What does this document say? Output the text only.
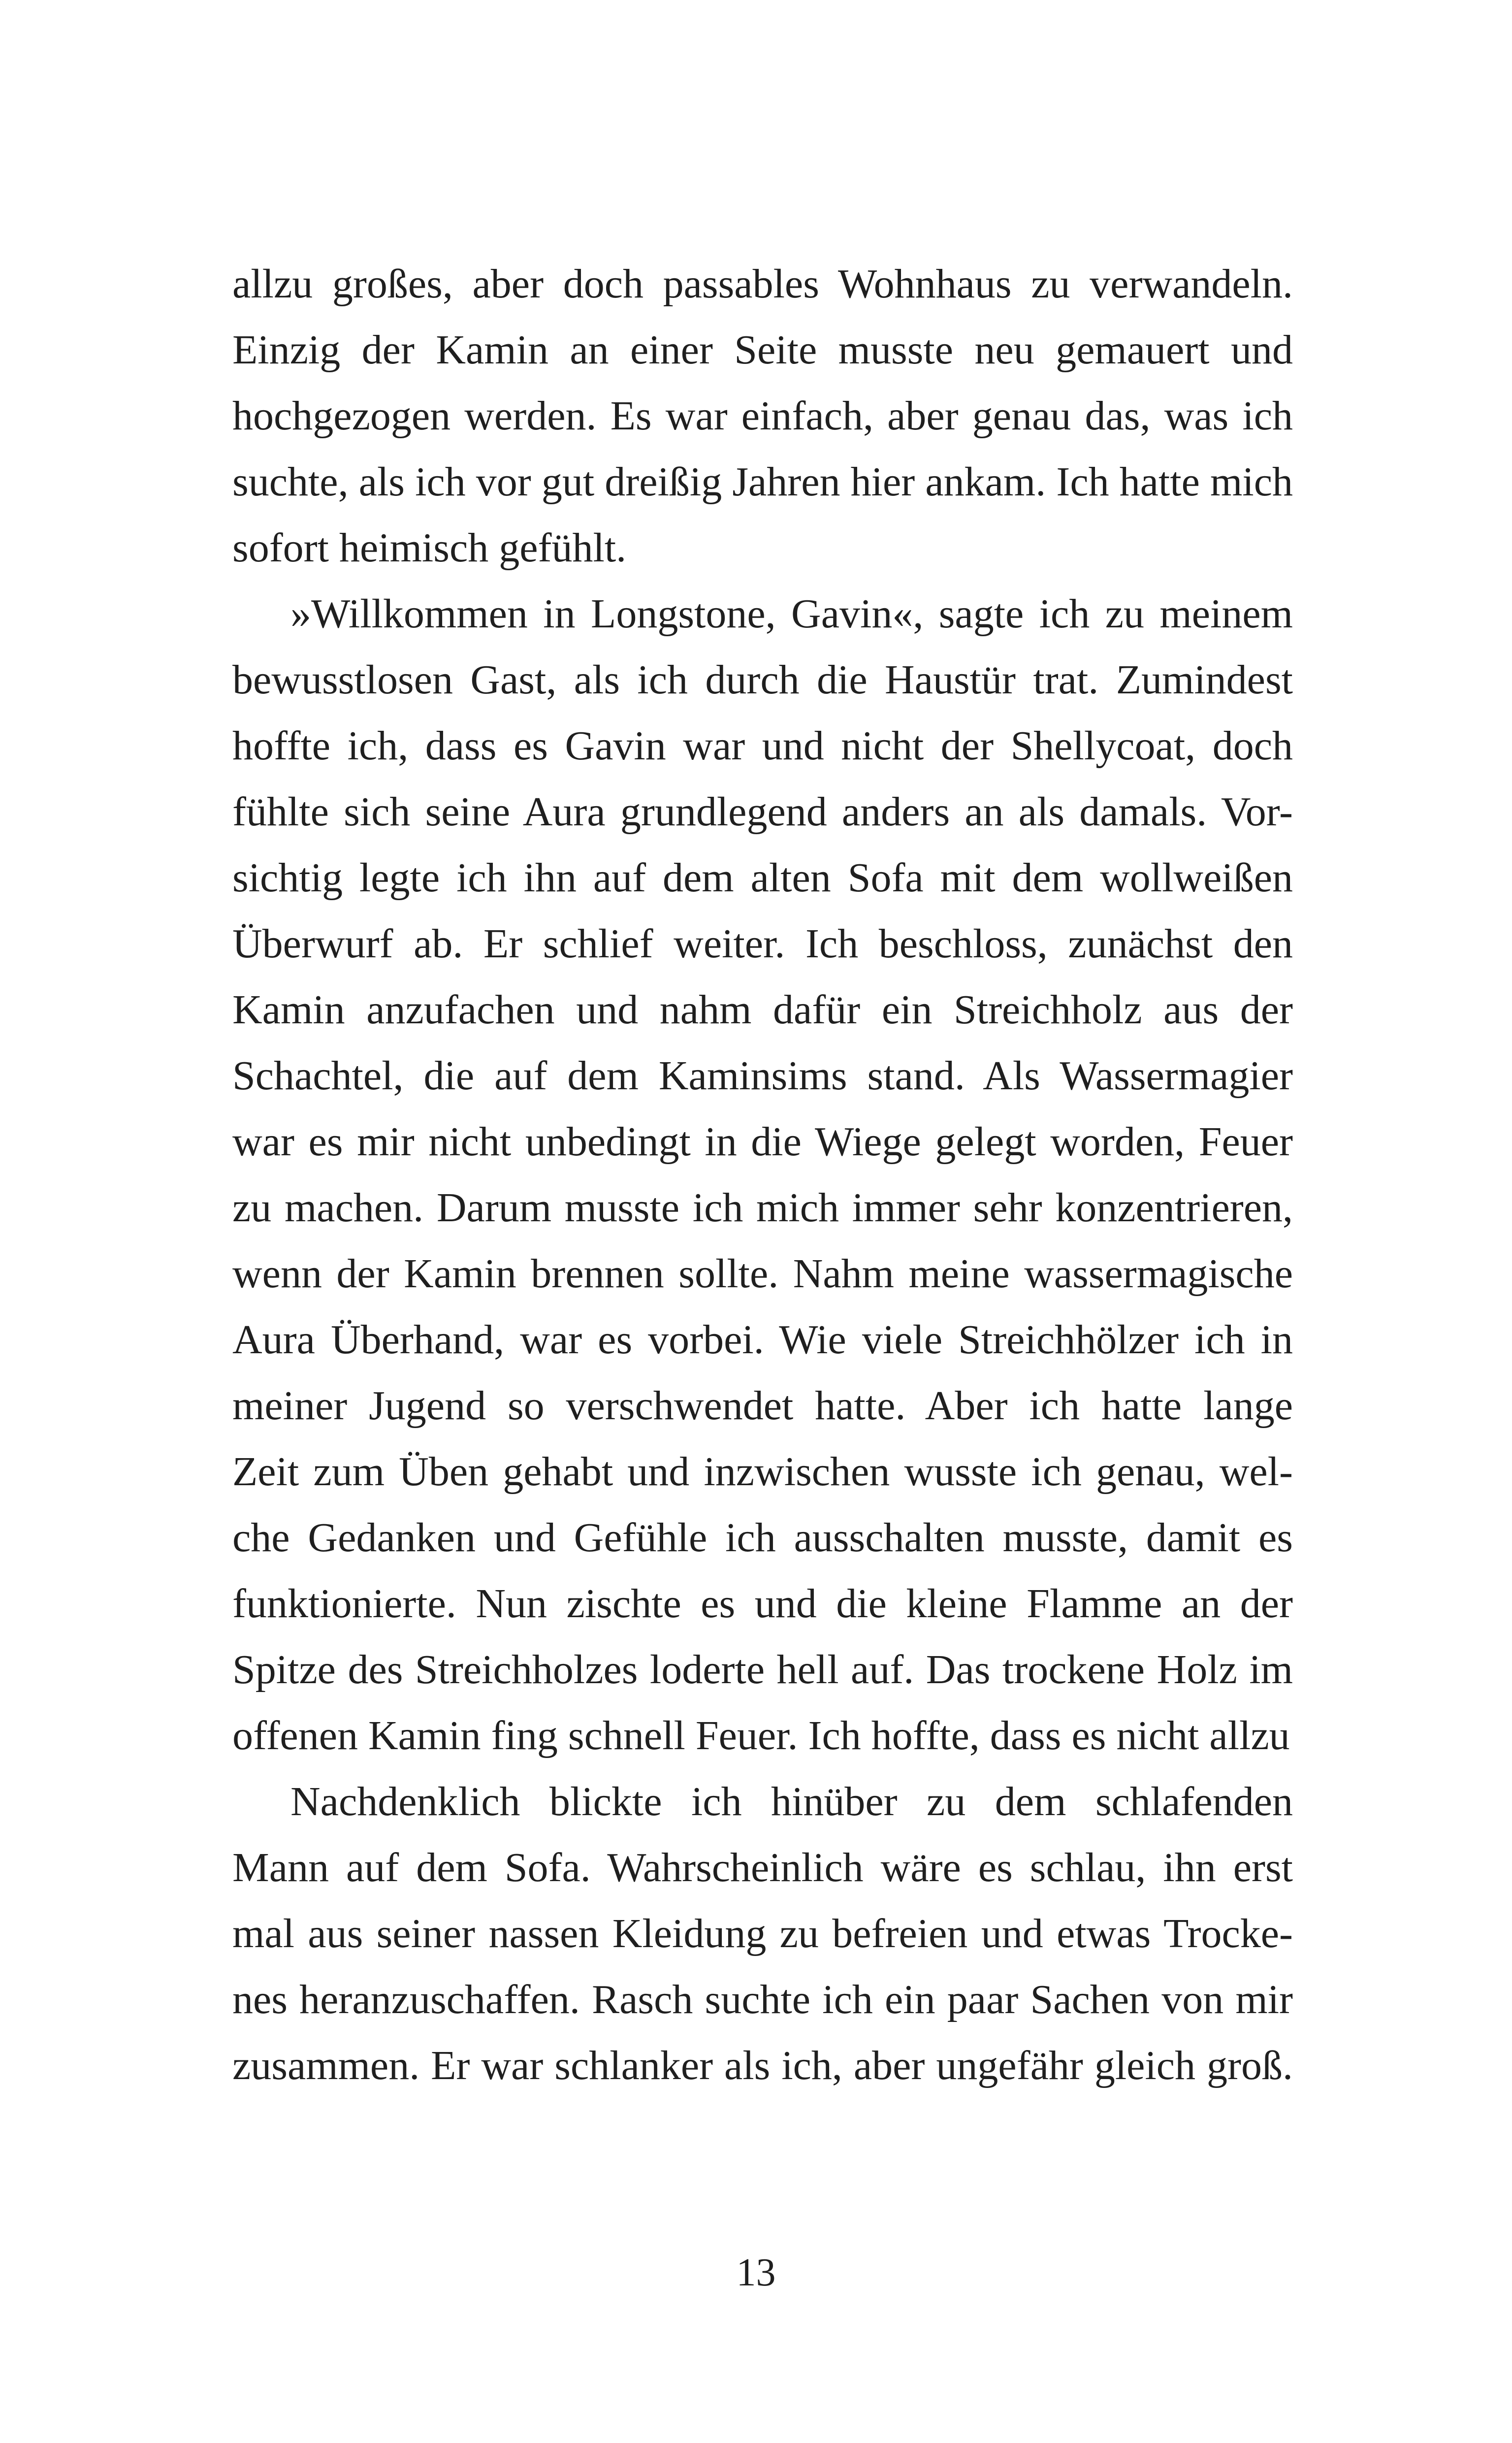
allzu großes, aber doch passables Wohnhaus zu verwandeln.
Einzig der Kamin an einer Seite musste neu gemauert und
hochgezogen werden. Es war einfach, aber genau das, was ich
suchte, als ich vor gut dreißig Jahren hier ankam. Ich hatte mich
sofort heimisch gefühlt.
»Willkommen in Longstone, Gavin«, sagte ich zu meinem
bewusstlosen Gast, als ich durch die Haustür trat. Zumindest
hoffte ich, dass es Gavin war und nicht der Shellycoat, doch
fühlte sich seine Aura grundlegend anders an als damals. Vor-
sichtig legte ich ihn auf dem alten Sofa mit dem wollweißen
Überwurf ab. Er schlief weiter. Ich beschloss, zunächst den
Kamin anzufachen und nahm dafür ein Streichholz aus der
Schachtel, die auf dem Kaminsims stand. Als Wassermagier
war es mir nicht unbedingt in die Wiege gelegt worden, Feuer
zu machen. Darum musste ich mich immer sehr konzentrieren,
wenn der Kamin brennen sollte. Nahm meine wassermagische
Aura Überhand, war es vorbei. Wie viele Streichhölzer ich in
meiner Jugend so verschwendet hatte. Aber ich hatte lange
Zeit zum Üben gehabt und inzwischen wusste ich genau, wel-
che Gedanken und Gefühle ich ausschalten musste, damit es
funktionierte. Nun zischte es und die kleine Flamme an der
Spitze des Streichholzes loderte hell auf. Das trockene Holz im
offenen Kamin fing schnell Feuer. Ich hoffte, dass es nicht allzu
Nachdenklich blickte ich hinüber zu dem schlafenden
Mann auf dem Sofa. Wahrscheinlich wäre es schlau, ihn erst
mal aus seiner nassen Kleidung zu befreien und etwas Trocke-
nes heranzuschaffen. Rasch suchte ich ein paar Sachen von mir
zusammen. Er war schlanker als ich, aber ungefähr gleich groß.
13
